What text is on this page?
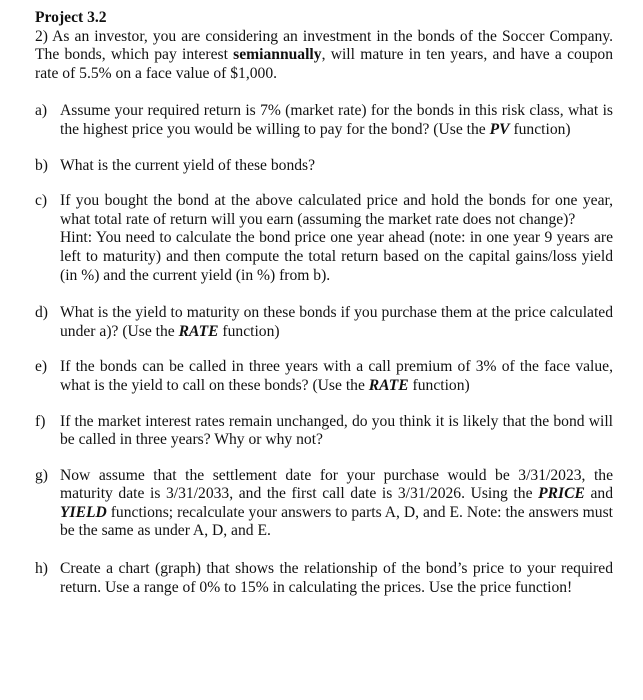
Project 3.2

2) As an investor, you are considering an investment in the bonds of the Soccer Company. The bonds, which pay interest semiannually, will mature in ten years, and have a coupon rate of 5.5% on a face value of $1,000.

a) Assume your required return is 7% (market rate) for the bonds in this risk class, what is the highest price you would be willing to pay for the bond? (Use the PV function)
b) What is the current yield of these bonds?
c) If you bought the bond at the above calculated price and hold the bonds for one year, what total rate of return will you earn (assuming the market rate does not change)?

Hint: You need to calculate the bond price one year ahead (note: in one year 9 years are left to maturity) and then compute the total return based on the capital gains/loss yield (in %) and the current yield (in %) from b).

d) What is the yield to maturity on these bonds if you purchase them at the price calculated under a)? (Use the RATE function)
e) If the bonds can be called in three years with a call premium of 3% of the face value, what is the yield to call on these bonds? (Use the RATE function)
f) If the market interest rates remain unchanged, do you think it is likely that the bond will be called in three years? Why or why not?
g) Now assume that the settlement date for your purchase would be 3/31/2023, the maturity date is 3/31/2033, and the first call date is 3/31/2026. Using the PRICE and YIELD functions; recalculate your answers to parts A, D, and E. Note: the answers must be the same as under A, D, and E.
h) Create a chart (graph) that shows the relationship of the bond’s price to your required return. Use a range of 0% to 15% in calculating the prices. Use the price function!
